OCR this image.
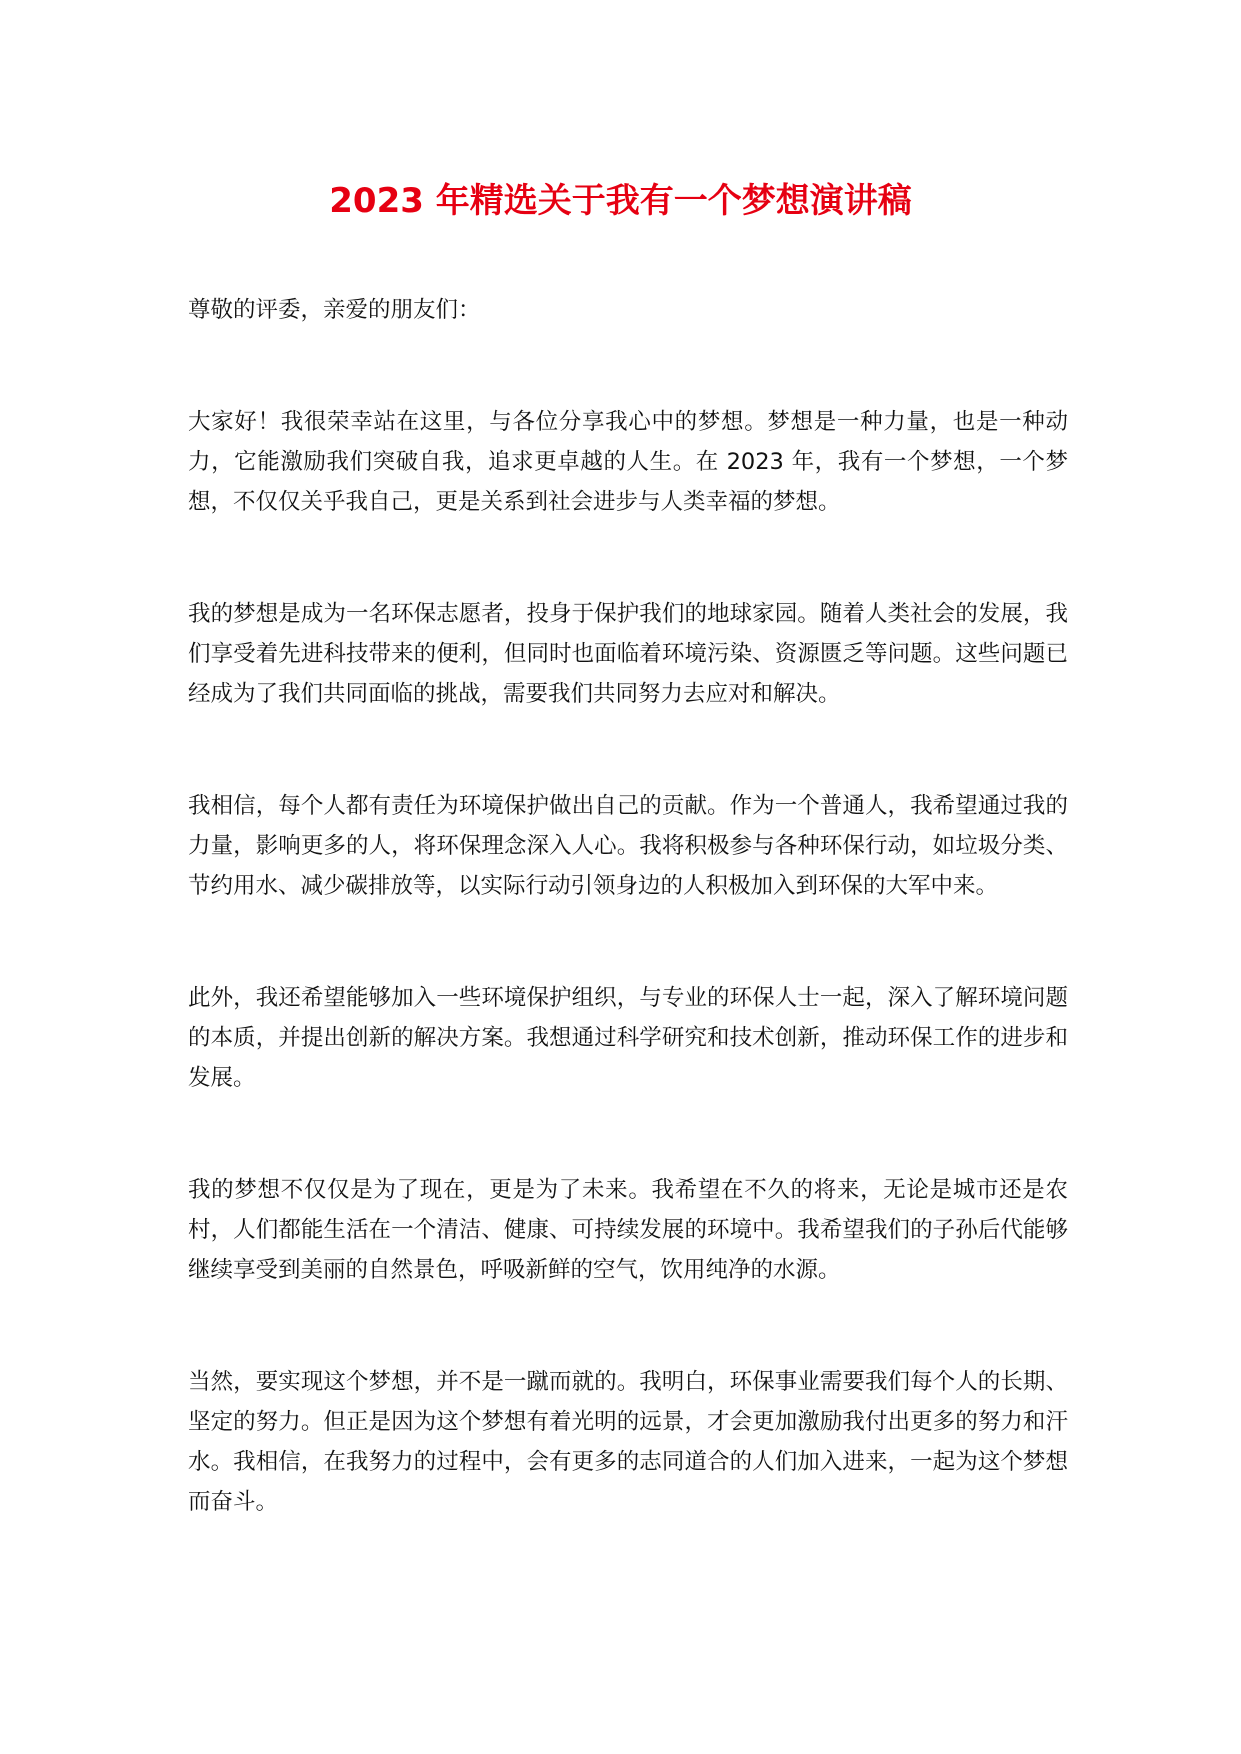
2023 年精选关于我有一个梦想演讲稿

尊敬的评委，亲爱的朋友们：

大家好！我很荣幸站在这里，与各位分享我心中的梦想。梦想是一种力量，也是一种动力，它能激励我们突破自我，追求更卓越的人生。在 2023 年，我有一个梦想，一个梦想，不仅仅关乎我自己，更是关系到社会进步与人类幸福的梦想。

我的梦想是成为一名环保志愿者，投身于保护我们的地球家园。随着人类社会的发展，我们享受着先进科技带来的便利，但同时也面临着环境污染、资源匮乏等问题。这些问题已经成为了我们共同面临的挑战，需要我们共同努力去应对和解决。

我相信，每个人都有责任为环境保护做出自己的贡献。作为一个普通人，我希望通过我的力量，影响更多的人，将环保理念深入人心。我将积极参与各种环保行动，如垃圾分类、节约用水、减少碳排放等，以实际行动引领身边的人积极加入到环保的大军中来。

此外，我还希望能够加入一些环境保护组织，与专业的环保人士一起，深入了解环境问题的本质，并提出创新的解决方案。我想通过科学研究和技术创新，推动环保工作的进步和发展。

我的梦想不仅仅是为了现在，更是为了未来。我希望在不久的将来，无论是城市还是农村，人们都能生活在一个清洁、健康、可持续发展的环境中。我希望我们的子孙后代能够继续享受到美丽的自然景色，呼吸新鲜的空气，饮用纯净的水源。

当然，要实现这个梦想，并不是一蹴而就的。我明白，环保事业需要我们每个人的长期、坚定的努力。但正是因为这个梦想有着光明的远景，才会更加激励我付出更多的努力和汗水。我相信，在我努力的过程中，会有更多的志同道合的人们加入进来，一起为这个梦想而奋斗。
